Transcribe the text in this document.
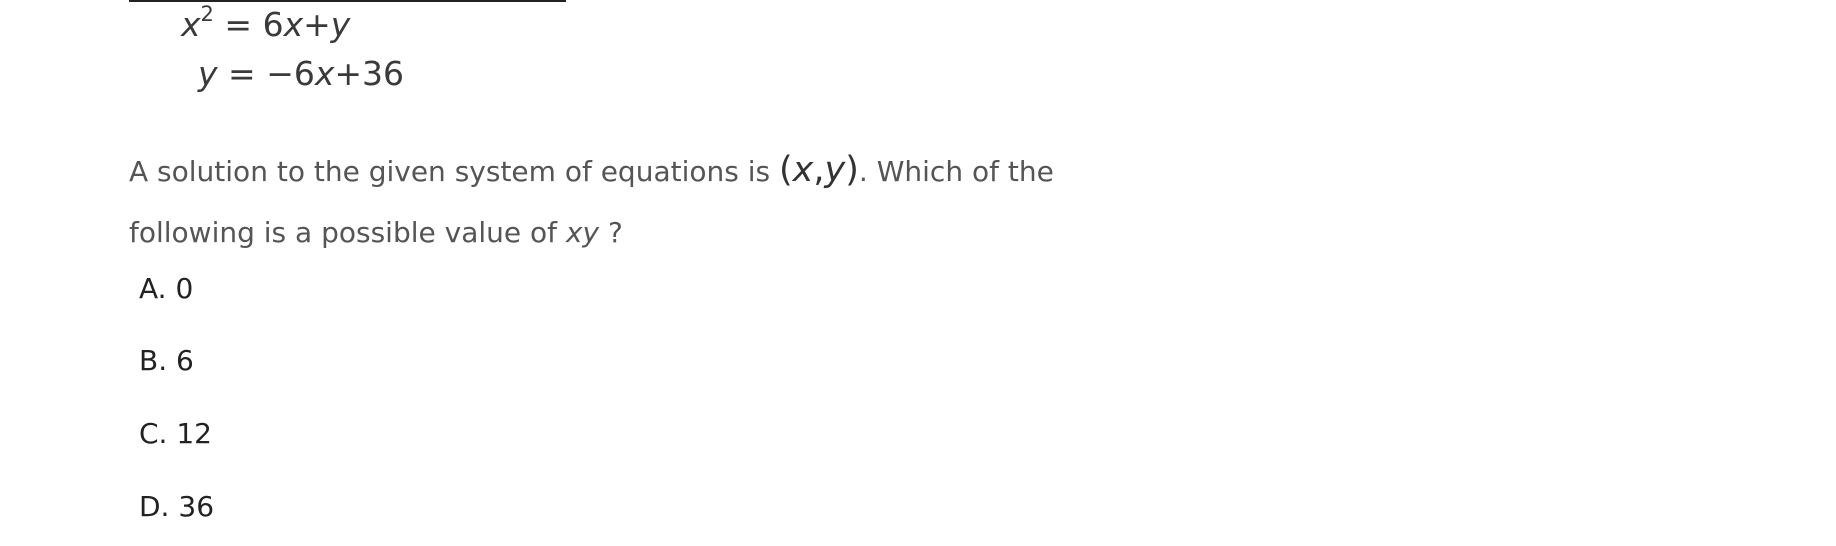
$x^2 = 6x+y$
y = −6x+36

A solution to the given system of equations is (x,y). Which of the
following is a possible value of xy ?

A. 0
B. 6
C. 12
D. 36
